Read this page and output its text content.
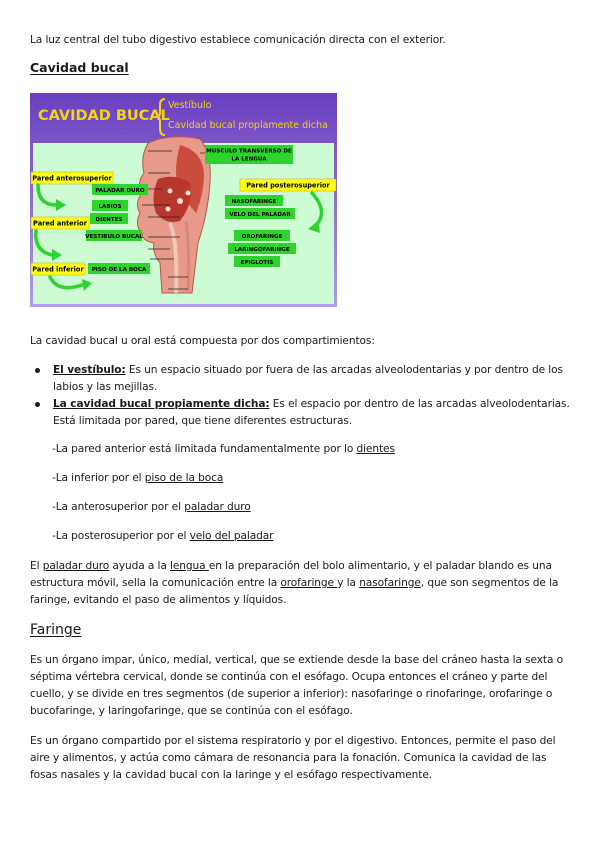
La luz central del tubo digestivo establece comunicación directa con el exterior.

Cavidad bucal
CAVIDAD BUCAL
Vestíbulo
Cavidad bucal proplamente dicha
MUSCULO TRANSVERSO DE
LA LENGUA
Pared posterosuperior
NASOFARINGE
VELO DEL PALADAR
OROFARINGE
LARINGOFARINGE
EPIGLOTIS
Pared anterosuperior
PALADAR DURO
LABIOS
DIENTES
Pared anterior
VESTIBULO BUCAL
Pared inferior PISO DE LA BOCA

La cavidad bucal u oral está compuesta por dos compartimientos:

El vestíbulo: Es un espacio situado por fuera de las arcadas alveolodentarias y por dentro de los labios y las mejillas.
La cavidad bucal propiamente dicha: Es el espacio por dentro de las arcadas alveolodentarias. Está limitada por pared, que tiene diferentes estructuras.

-La pared anterior está limitada fundamentalmente por lo dientes

-La inferior por el piso de la boca

-La anterosuperior por el paladar duro

-La posterosuperior por el velo del paladar

El paladar duro ayuda a la lengua en la preparación del bolo alimentario, y el paladar blando es una estructura móvil, sella la comunicación entre la orofaringe y la nasofaringe, que son segmentos de la faringe, evitando el paso de alimentos y líquidos.

Faringe

Es un órgano impar, único, medial, vertical, que se extiende desde la base del cráneo hasta la sexta o séptima vértebra cervical, donde se continúa con el esófago. Ocupa entonces el cráneo y parte del cuello, y se divide en tres segmentos (de superior a inferior): nasofaringe o rinofaringe, orofaringe o bucofaringe, y laringofaringe, que se continúa con el esófago.

Es un órgano compartido por el sistema respiratorio y por el digestivo. Entonces, permite el paso del aire y alimentos, y actúa como cámara de resonancia para la fonación. Comunica la cavidad de las fosas nasales y la cavidad bucal con la laringe y el esófago respectivamente.
